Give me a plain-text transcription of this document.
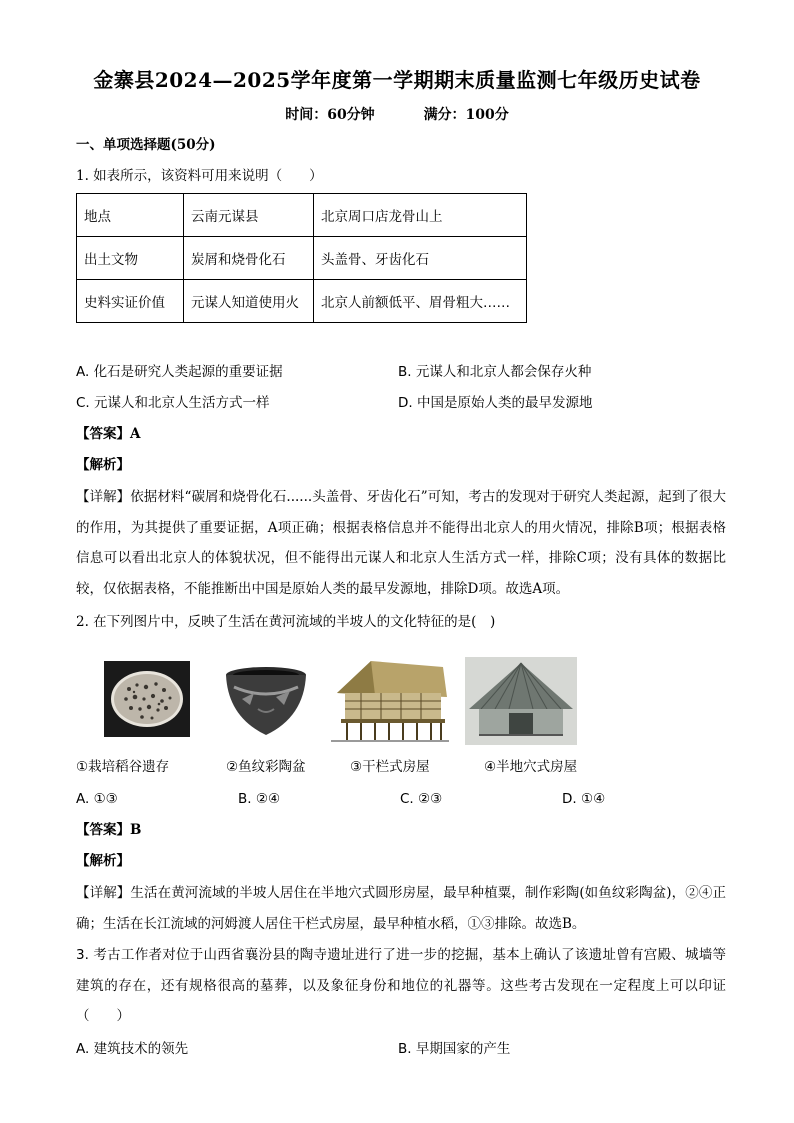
金寨县2024—2025学年度第一学期期末质量监测七年级历史试卷
时间：60分钟	满分：100分
一、单项选择题(50分)
1. 如表所示，该资料可用来说明（　　）
地点	云南元谋县	北京周口店龙骨山上
出土文物	炭屑和烧骨化石	头盖骨、牙齿化石
史料实证价值	元谋人知道使用火	北京人前额低平、眉骨粗大……
A. 化石是研究人类起源的重要证据	B. 元谋人和北京人都会保存火种
C. 元谋人和北京人生活方式一样	D. 中国是原始人类的最早发源地
【答案】A
【解析】
【详解】依据材料“碳屑和烧骨化石......头盖骨、牙齿化石”可知，考古的发现对于研究人类起源，起到了很大的作用，为其提供了重要证据，A项正确；根据表格信息并不能得出北京人的用火情况，排除B项；根据表格信息可以看出北京人的体貌状况，但不能得出元谋人和北京人生活方式一样，排除C项；没有具体的数据比较，仅依据表格，不能推断出中国是原始人类的最早发源地，排除D项。故选A项。
2. 在下列图片中，反映了生活在黄河流域的半坡人的文化特征的是(　)
①栽培稻谷遗存	②鱼纹彩陶盆	③干栏式房屋	④半地穴式房屋
A. ①③	B. ②④	C. ②③	D. ①④
【答案】B
【解析】
【详解】生活在黄河流域的半坡人居住在半地穴式圆形房屋，最早种植粟，制作彩陶(如鱼纹彩陶盆)，②④正确；生活在长江流域的河姆渡人居住干栏式房屋，最早种植水稻，①③排除。故选B。
3. 考古工作者对位于山西省襄汾县的陶寺遗址进行了进一步的挖掘，基本上确认了该遗址曾有宫殿、城墙等建筑的存在，还有规格很高的墓葬，以及象征身份和地位的礼器等。这些考古发现在一定程度上可以印证（　　）
A. 建筑技术的领先	B. 早期国家的产生
